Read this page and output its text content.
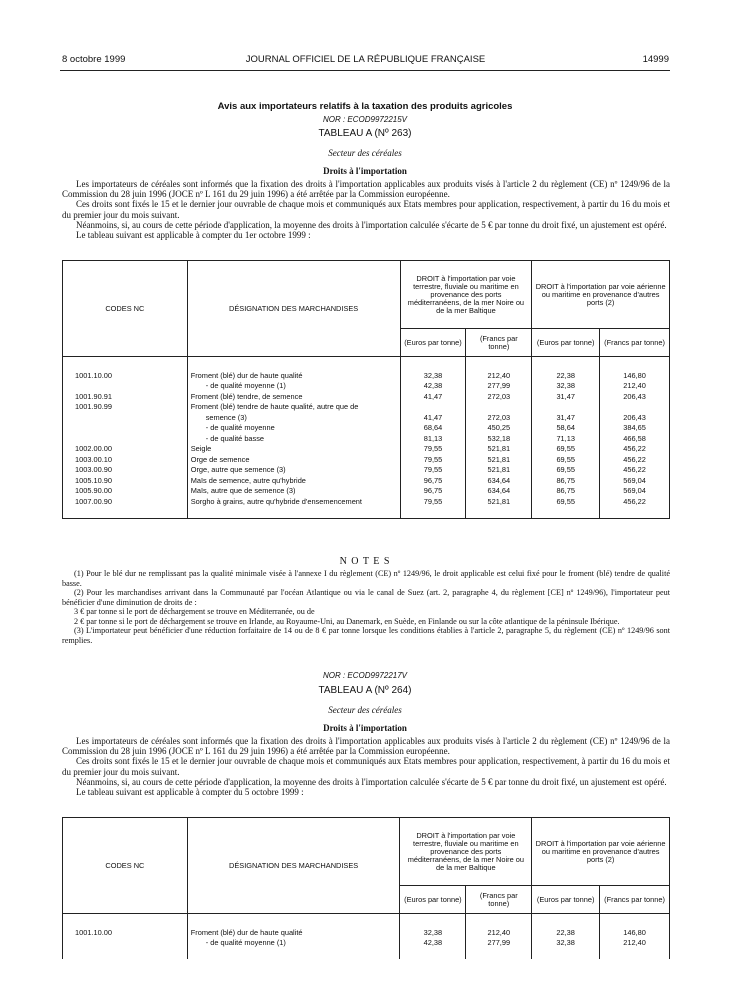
8 octobre 1999	JOURNAL OFFICIEL DE LA RÉPUBLIQUE FRANÇAISE	14999
Avis aux importateurs relatifs à la taxation des produits agricoles
NOR : ECOD9972215V
TABLEAU A (Nº 263)
Secteur des céréales
Droits à l'importation

Les importateurs de céréales sont informés que la fixation des droits à l'importation applicables aux produits visés à l'article 2 du règlement (CE) nº 1249/96 de la Commission du 28 juin 1996 (JOCE nº L 161 du 29 juin 1996) a été arrêtée par la Commission européenne.

Ces droits sont fixés le 15 et le dernier jour ouvrable de chaque mois et communiqués aux Etats membres pour application, respectivement, à partir du 16 du mois et du premier jour du mois suivant.

Néanmoins, si, au cours de cette période d'application, la moyenne des droits à l'importation calculée s'écarte de 5 € par tonne du droit fixé, un ajustement est opéré.

Le tableau suivant est applicable à compter du 1er octobre 1999 :

CODES NC	DÉSIGNATION DES MARCHANDISES	DROIT à l'importation par voie terrestre, fluviale ou maritime en provenance des ports méditerranéens, de la mer Noire ou de la mer Baltique		DROIT à l'importation par voie aérienne ou maritime en provenance d'autres ports (2)	
		(Euros par tonne)	(Francs par tonne)	(Euros par tonne)	(Francs par tonne)

1001.10.00	Froment (blé) dur de haute qualité	32,38	212,40	22,38	146,80
	- de qualité moyenne (1)	42,38	277,99	32,38	212,40
1001.90.91	Froment (blé) tendre, de semence	41,47	272,03	31,47	206,43
1001.90.99	Froment (blé) tendre de haute qualité, autre que de				
	semence (3)	41,47	272,03	31,47	206,43
	- de qualité moyenne	68,64	450,25	58,64	384,65
	- de qualité basse	81,13	532,18	71,13	466,58
1002.00.00	Seigle	79,55	521,81	69,55	456,22
1003.00.10	Orge de semence	79,55	521,81	69,55	456,22
1003.00.90	Orge, autre que semence (3)	79,55	521,81	69,55	456,22
1005.10.90	Maïs de semence, autre qu'hybride	96,75	634,64	86,75	569,04
1005.90.00	Maïs, autre que de semence (3)	96,75	634,64	86,75	569,04
1007.00.90	Sorgho à grains, autre qu'hybride d'ensemencement	79,55	521,81	69,55	456,22

N O T E S

(1) Pour le blé dur ne remplissant pas la qualité minimale visée à l'annexe I du règlement (CE) nº 1249/96, le droit applicable est celui fixé pour le froment (blé) tendre de qualité basse.

(2) Pour les marchandises arrivant dans la Communauté par l'océan Atlantique ou via le canal de Suez (art. 2, paragraphe 4, du règlement [CE] nº 1249/96), l'importateur peut bénéficier d'une diminution de droits de :

3 € par tonne si le port de déchargement se trouve en Méditerranée, ou de

2 € par tonne si le port de déchargement se trouve en Irlande, au Royaume-Uni, au Danemark, en Suède, en Finlande ou sur la côte atlantique de la péninsule Ibérique.

(3) L'importateur peut bénéficier d'une réduction forfaitaire de 14 ou de 8 € par tonne lorsque les conditions établies à l'article 2, paragraphe 5, du règlement (CE) nº 1249/96 sont remplies.

NOR : ECOD9972217V
TABLEAU A (Nº 264)
Secteur des céréales
Droits à l'importation

Les importateurs de céréales sont informés que la fixation des droits à l'importation applicables aux produits visés à l'article 2 du règlement (CE) nº 1249/96 de la Commission du 28 juin 1996 (JOCE nº L 161 du 29 juin 1996) a été arrêtée par la Commission européenne.

Ces droits sont fixés le 15 et le dernier jour ouvrable de chaque mois et communiqués aux Etats membres pour application, respectivement, à partir du 16 du mois et du premier jour du mois suivant.

Néanmoins, si, au cours de cette période d'application, la moyenne des droits à l'importation calculée s'écarte de 5 € par tonne du droit fixé, un ajustement est opéré.

Le tableau suivant est applicable à compter du 5 octobre 1999 :

CODES NC	DÉSIGNATION DES MARCHANDISES	DROIT à l'importation par voie terrestre, fluviale ou maritime en provenance des ports méditerranéens, de la mer Noire ou de la mer Baltique		DROIT à l'importation par voie aérienne ou maritime en provenance d'autres ports (2)	
		(Euros par tonne)	(Francs par tonne)	(Euros par tonne)	(Francs par tonne)

1001.10.00	Froment (blé) dur de haute qualité	32,38	212,40	22,38	146,80
	- de qualité moyenne (1)	42,38	277,99	32,38	212,40
